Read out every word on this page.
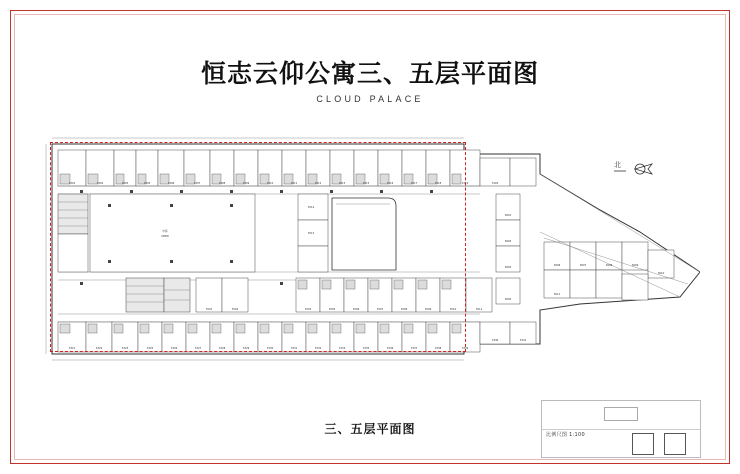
恒志云仰公寓三、五层平面图
CLOUD PALACE
中庭
OPEN
3301	3302	3303	3305	3306	3307	3308	3309	3310	3311	3312	3313	3315	3316	3317	3318	3319	3320
3501	3502	3503	3505	3506	3507	3508	3509	3510	3511
3512
3513
3321	3322	3323	3325	3326	3327	3328	3329	3330	3331	3332	3333	3335	3336	3337	3338	3339
3340	3341
3601
3602
3603
3605
3606	3607	3608	3609
3610
3611
北
三、五层平面图	比例尺图 1:100
